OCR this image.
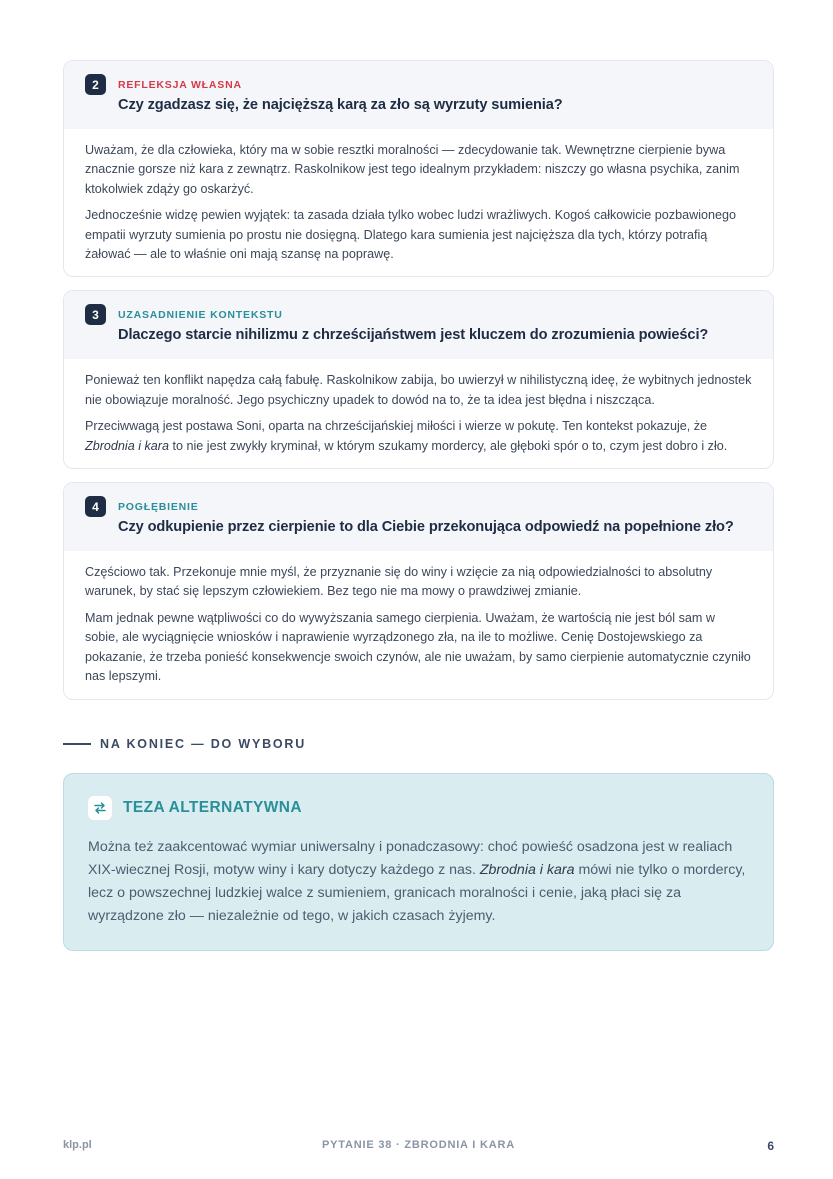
2	REFLEKSJA WŁASNA
Czy zgadzasz się, że najcięższą karą za zło są wyrzuty sumienia?

Uważam, że dla człowieka, który ma w sobie resztki moralności — zdecydowanie tak. Wewnętrzne cierpienie bywa znacznie gorsze niż kara z zewnątrz. Raskolnikow jest tego idealnym przykładem: niszczy go własna psychika, zanim ktokolwiek zdąży go oskarżyć.

Jednocześnie widzę pewien wyjątek: ta zasada działa tylko wobec ludzi wrażliwych. Kogoś całkowicie pozbawionego empatii wyrzuty sumienia po prostu nie dosięgną. Dlatego kara sumienia jest najcięższa dla tych, którzy potrafią żałować — ale to właśnie oni mają szansę na poprawę.

3	UZASADNIENIE KONTEKSTU
Dlaczego starcie nihilizmu z chrześcijaństwem jest kluczem do zrozumienia powieści?

Ponieważ ten konflikt napędza całą fabułę. Raskolnikow zabija, bo uwierzył w nihilistyczną ideę, że wybitnych jednostek nie obowiązuje moralność. Jego psychiczny upadek to dowód na to, że ta idea jest błędna i niszcząca.

Przeciwwagą jest postawa Soni, oparta na chrześcijańskiej miłości i wierze w pokutę. Ten kontekst pokazuje, że Zbrodnia i kara to nie jest zwykły kryminał, w którym szukamy mordercy, ale głęboki spór o to, czym jest dobro i zło.

4	POGŁĘBIENIE
Czy odkupienie przez cierpienie to dla Ciebie przekonująca odpowiedź na popełnione zło?

Częściowo tak. Przekonuje mnie myśl, że przyznanie się do winy i wzięcie za nią odpowiedzialności to absolutny warunek, by stać się lepszym człowiekiem. Bez tego nie ma mowy o prawdziwej zmianie.

Mam jednak pewne wątpliwości co do wywyższania samego cierpienia. Uważam, że wartością nie jest ból sam w sobie, ale wyciągnięcie wniosków i naprawienie wyrządzonego zła, na ile to możliwe. Cenię Dostojewskiego za pokazanie, że trzeba ponieść konsekwencje swoich czynów, ale nie uważam, by samo cierpienie automatycznie czyniło nas lepszymi.

NA KONIEC — DO WYBORU
TEZA ALTERNATYWNA

Można też zaakcentować wymiar uniwersalny i ponadczasowy: choć powieść osadzona jest w realiach XIX-wiecznej Rosji, motyw winy i kary dotyczy każdego z nas. Zbrodnia i kara mówi nie tylko o mordercy, lecz o powszechnej ludzkiej walce z sumieniem, granicach moralności i cenie, jaką płaci się za wyrządzone zło — niezależnie od tego, w jakich czasach żyjemy.

klp.pl	PYTANIE 38 · ZBRODNIA I KARA	6
